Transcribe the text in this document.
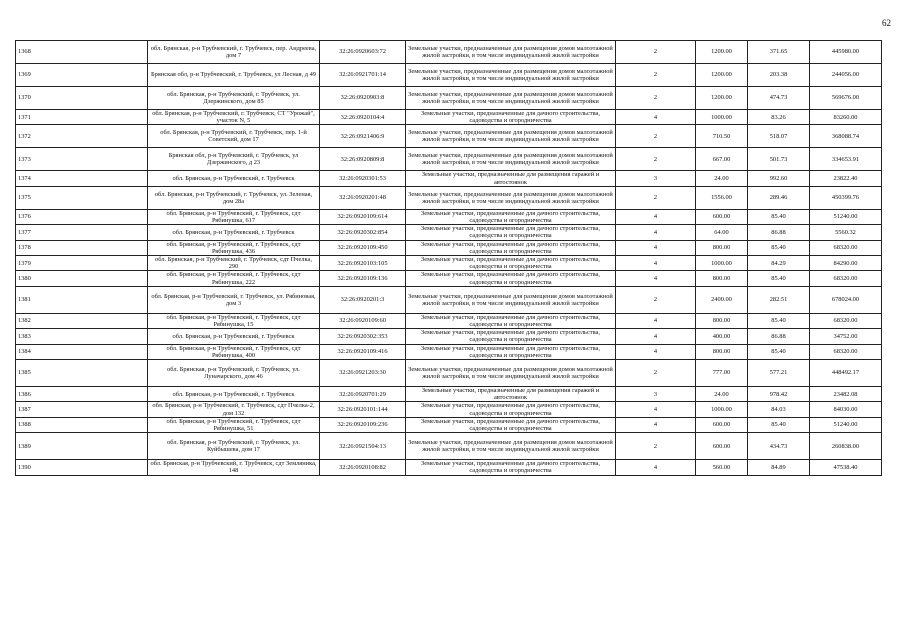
62
1368	обл. Брянская, р-н Трубчевский, г. Трубчевск, пер. Андреева, дом 7	32:26:0920603:72	Земельные участки, предназначенные для размещения домов малоэтажной жилой застройки, в том числе индивидуальной жилой застройки	2	1200.00	371.65	445980.00
1369	Брянская обл, р-н Трубчевский, г. Трубчевск, ул Лесная, д 49	32:26:0921701:14	Земельные участки, предназначенные для размещения домов малоэтажной жилой застройки, в том числе индивидуальной жилой застройки	2	1200.00	203.38	244056.00
1370	обл. Брянская, р-н Трубчевский, г. Трубчевск, ул. Дзержинского, дом 85	32:26:0920903:8	Земельные участки, предназначенные для размещения домов малоэтажной жилой застройки, в том числе индивидуальной жилой застройки	2	1200.00	474.73	569676.00
1371	обл. Брянская, р-н Трубчевский, г. Трубчевск, СТ "Урожай", участок N, 5	32:26:0920104:4	Земельные участки, предназначенные для дачного строительства, садоводства и огородничества	4	1000.00	83.26	83260.00
1372	обл. Брянская, р-н Трубчевский, г. Трубчевск, пер. 1-й Советский, дом 17	32:26:0921406:9	Земельные участки, предназначенные для размещения домов малоэтажной жилой застройки, в том числе индивидуальной жилой застройки	2	710.50	518.07	368088.74
1373	Брянская обл, р-н Трубчевский, г. Трубчевск, ул Дзержинского, д 23	32:26:0920809:8	Земельные участки, предназначенные для размещения домов малоэтажной жилой застройки, в том числе индивидуальной жилой застройки	2	667.00	501.73	334653.91
1374	обл. Брянская, р-н Трубчевский, г. Трубчевск	32:26:0920301:53	Земельные участки, предназначенные для размещения гаражей и автостоянок	3	24.00	992.60	23822.40
1375	обл. Брянская, р-н Трубчевский, г. Трубчевск, ул. Зеленая, дом 28а	32:26:0920201:48	Земельные участки, предназначенные для размещения домов малоэтажной жилой застройки, в том числе индивидуальной жилой застройки	2	1556.00	289.46	450399.76
1376	обл. Брянская, р-н Трубчевский, г. Трубчевск, сдт Рябинушка, 617	32:26:0920109:614	Земельные участки, предназначенные для дачного строительства, садоводства и огородничества	4	600.00	85.40	51240.00
1377	обл. Брянская, р-н Трубчевский, г. Трубчевск	32:26:0920302:854	Земельные участки, предназначенные для дачного строительства, садоводства и огородничества	4	64.00	86.88	5560.32
1378	обл. Брянская, р-н Трубчевский, г. Трубчевск, сдт Рябинушка, 436	32:26:0920109:450	Земельные участки, предназначенные для дачного строительства, садоводства и огородничества	4	800.00	85.40	68320.00
1379	обл. Брянская, р-н Трубчевский, г. Трубчевск, сдт Пчелка, 290	32:26:0920103:105	Земельные участки, предназначенные для дачного строительства, садоводства и огородничества	4	1000.00	84.29	84290.00
1380	обл. Брянская, р-н Трубчевский, г. Трубчевск, сдт Рябинушка, 222	32:26:0920109:136	Земельные участки, предназначенные для дачного строительства, садоводства и огородничества	4	800.00	85.40	68320.00
1381	обл. Брянская, р-н Трубчевский, г. Трубчевск, ул. Рябиновая, дом 3	32:26:0920201:3	Земельные участки, предназначенные для размещения домов малоэтажной жилой застройки, в том числе индивидуальной жилой застройки	2	2400.00	282.51	678024.00
1382	обл. Брянская, р-н Трубчевский, г. Трубчевск, сдт Рябинушка, 15	32:26:0920109:60	Земельные участки, предназначенные для дачного строительства, садоводства и огородничества	4	800.00	85.40	68320.00
1383	обл. Брянская, р-н Трубчевский, г. Трубчевск	32:26:0920302:353	Земельные участки, предназначенные для дачного строительства, садоводства и огородничества	4	400.00	86.88	34752.00
1384	обл. Брянская, р-н Трубчевский, г. Трубчевск, сдт Рябинушка, 400	32:26:0920109:416	Земельные участки, предназначенные для дачного строительства, садоводства и огородничества	4	800.00	85.40	68320.00
1385	обл. Брянская, р-н Трубчевский, г. Трубчевск, ул. Луначарского, дом 46	32:26:0921203:30	Земельные участки, предназначенные для размещения домов малоэтажной жилой застройки, в том числе индивидуальной жилой застройки	2	777.00	577.21	448492.17
1386	обл. Брянская, р-н Трубчевский, г. Трубчевск	32:26:0920701:29	Земельные участки, предназначенные для размещения гаражей и автостоянок	3	24.00	978.42	23482.08
1387	обл. Брянская, р-н Трубчевский, г. Трубчевск, сдт Пчелка-2, дом 132	32:26:0920101:144	Земельные участки, предназначенные для дачного строительства, садоводства и огородничества	4	1000.00	84.03	84030.00
1388	обл. Брянская, р-н Трубчевский, г. Трубчевск, сдт Рябинушка, 51	32:26:0920109:236	Земельные участки, предназначенные для дачного строительства, садоводства и огородничества	4	600.00	85.40	51240.00
1389	обл. Брянская, р-н Трубчевский, г. Трубчевск, ул. Куйбышева, дом 17	32:26:0921504:13	Земельные участки, предназначенные для размещения домов малоэтажной жилой застройки, в том числе индивидуальной жилой застройки	2	600.00	434.73	260838.00
1390	обл. Брянская, р-н Трубчевский, г. Трубчевск, сдт Земляника, 148	32:26:0920108:82	Земельные участки, предназначенные для дачного строительства, садоводства и огородничества	4	560.00	84.89	47538.40
